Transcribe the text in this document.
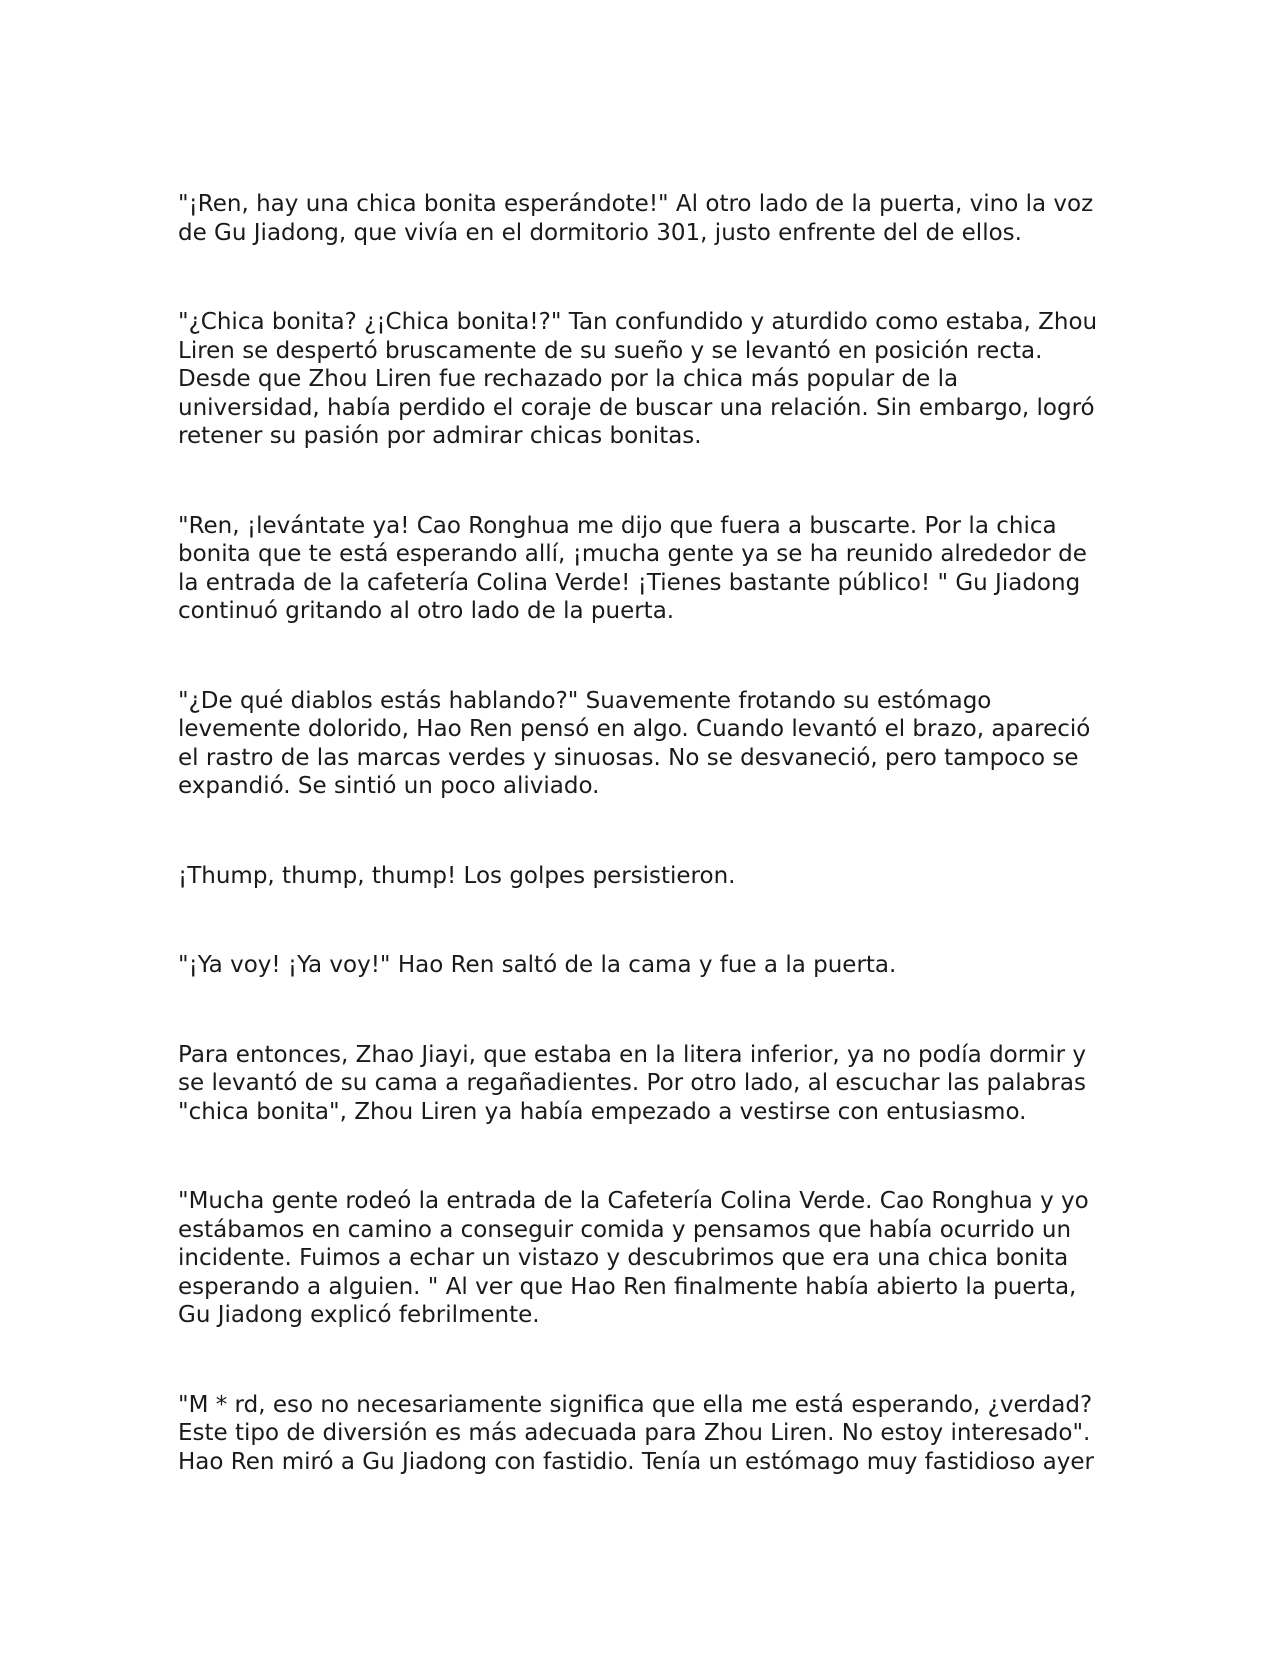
"¡Ren, hay una chica bonita esperándote!" Al otro lado de la puerta, vino la voz de Gu Jiadong, que vivía en el dormitorio 301, justo enfrente del de ellos.

"¿Chica bonita? ¿¡Chica bonita!?" Tan confundido y aturdido como estaba, Zhou Liren se despertó bruscamente de su sueño y se levantó en posición recta. Desde que Zhou Liren fue rechazado por la chica más popular de la universidad, había perdido el coraje de buscar una relación. Sin embargo, logró retener su pasión por admirar chicas bonitas.

"Ren, ¡levántate ya! Cao Ronghua me dijo que fuera a buscarte. Por la chica bonita que te está esperando allí, ¡mucha gente ya se ha reunido alrededor de la entrada de la cafetería Colina Verde! ¡Tienes bastante público! " Gu Jiadong continuó gritando al otro lado de la puerta.

"¿De qué diablos estás hablando?" Suavemente frotando su estómago levemente dolorido, Hao Ren pensó en algo. Cuando levantó el brazo, apareció el rastro de las marcas verdes y sinuosas. No se desvaneció, pero tampoco se expandió. Se sintió un poco aliviado.

¡Thump, thump, thump! Los golpes persistieron.

"¡Ya voy! ¡Ya voy!" Hao Ren saltó de la cama y fue a la puerta.

Para entonces, Zhao Jiayi, que estaba en la litera inferior, ya no podía dormir y se levantó de su cama a regañadientes. Por otro lado, al escuchar las palabras "chica bonita", Zhou Liren ya había empezado a vestirse con entusiasmo.

"Mucha gente rodeó la entrada de la Cafetería Colina Verde. Cao Ronghua y yo estábamos en camino a conseguir comida y pensamos que había ocurrido un incidente. Fuimos a echar un vistazo y descubrimos que era una chica bonita esperando a alguien. " Al ver que Hao Ren finalmente había abierto la puerta, Gu Jiadong explicó febrilmente.

"M * rd, eso no necesariamente significa que ella me está esperando, ¿verdad? Este tipo de diversión es más adecuada para Zhou Liren. No estoy interesado". Hao Ren miró a Gu Jiadong con fastidio. Tenía un estómago muy fastidioso ayer
